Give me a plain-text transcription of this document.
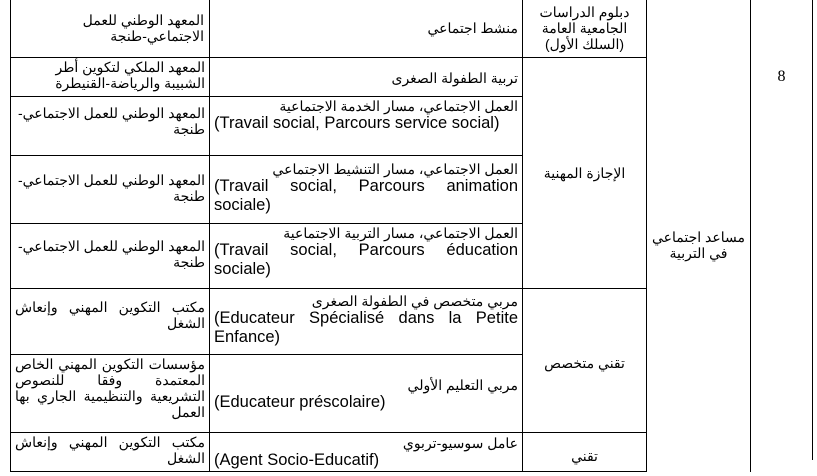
8
مساعد اجتماعي في التربية
دبلوم الدراسات الجامعية العامة (السلك الأول)
الإجازة المهنية
تقني متخصص
تقني
منشط اجتماعي
تربية الطفولة الصغرى
العمل الاجتماعي، مسار الخدمة الاجتماعية
(Travail social, Parcours service social)
العمل الاجتماعي، مسار التنشيط الاجتماعي
(Travail social, Parcours animation sociale)
العمل الاجتماعي، مسار التربية الاجتماعية
(Travail social, Parcours éducation sociale)
مربي متخصص في الطفولة الصغرى
(Educateur Spécialisé dans la Petite Enfance)
مربي التعليم الأولي
(Educateur préscolaire)
عامل سوسيو-تربوي
(Agent Socio-Educatif)
المعهد الوطني للعمل الاجتماعي-طنجة
المعهد الملكي لتكوين أطر الشبيبة والرياضة-القنيطرة
المعهد الوطني للعمل الاجتماعي-طنجة
المعهد الوطني للعمل الاجتماعي-طنجة
المعهد الوطني للعمل الاجتماعي-طنجة
مكتب التكوين المهني وإنعاش الشغل
مؤسسات التكوين المهني الخاص المعتمدة وفقا للنصوص التشريعية والتنظيمية الجاري بها العمل
مكتب التكوين المهني وإنعاش الشغل
